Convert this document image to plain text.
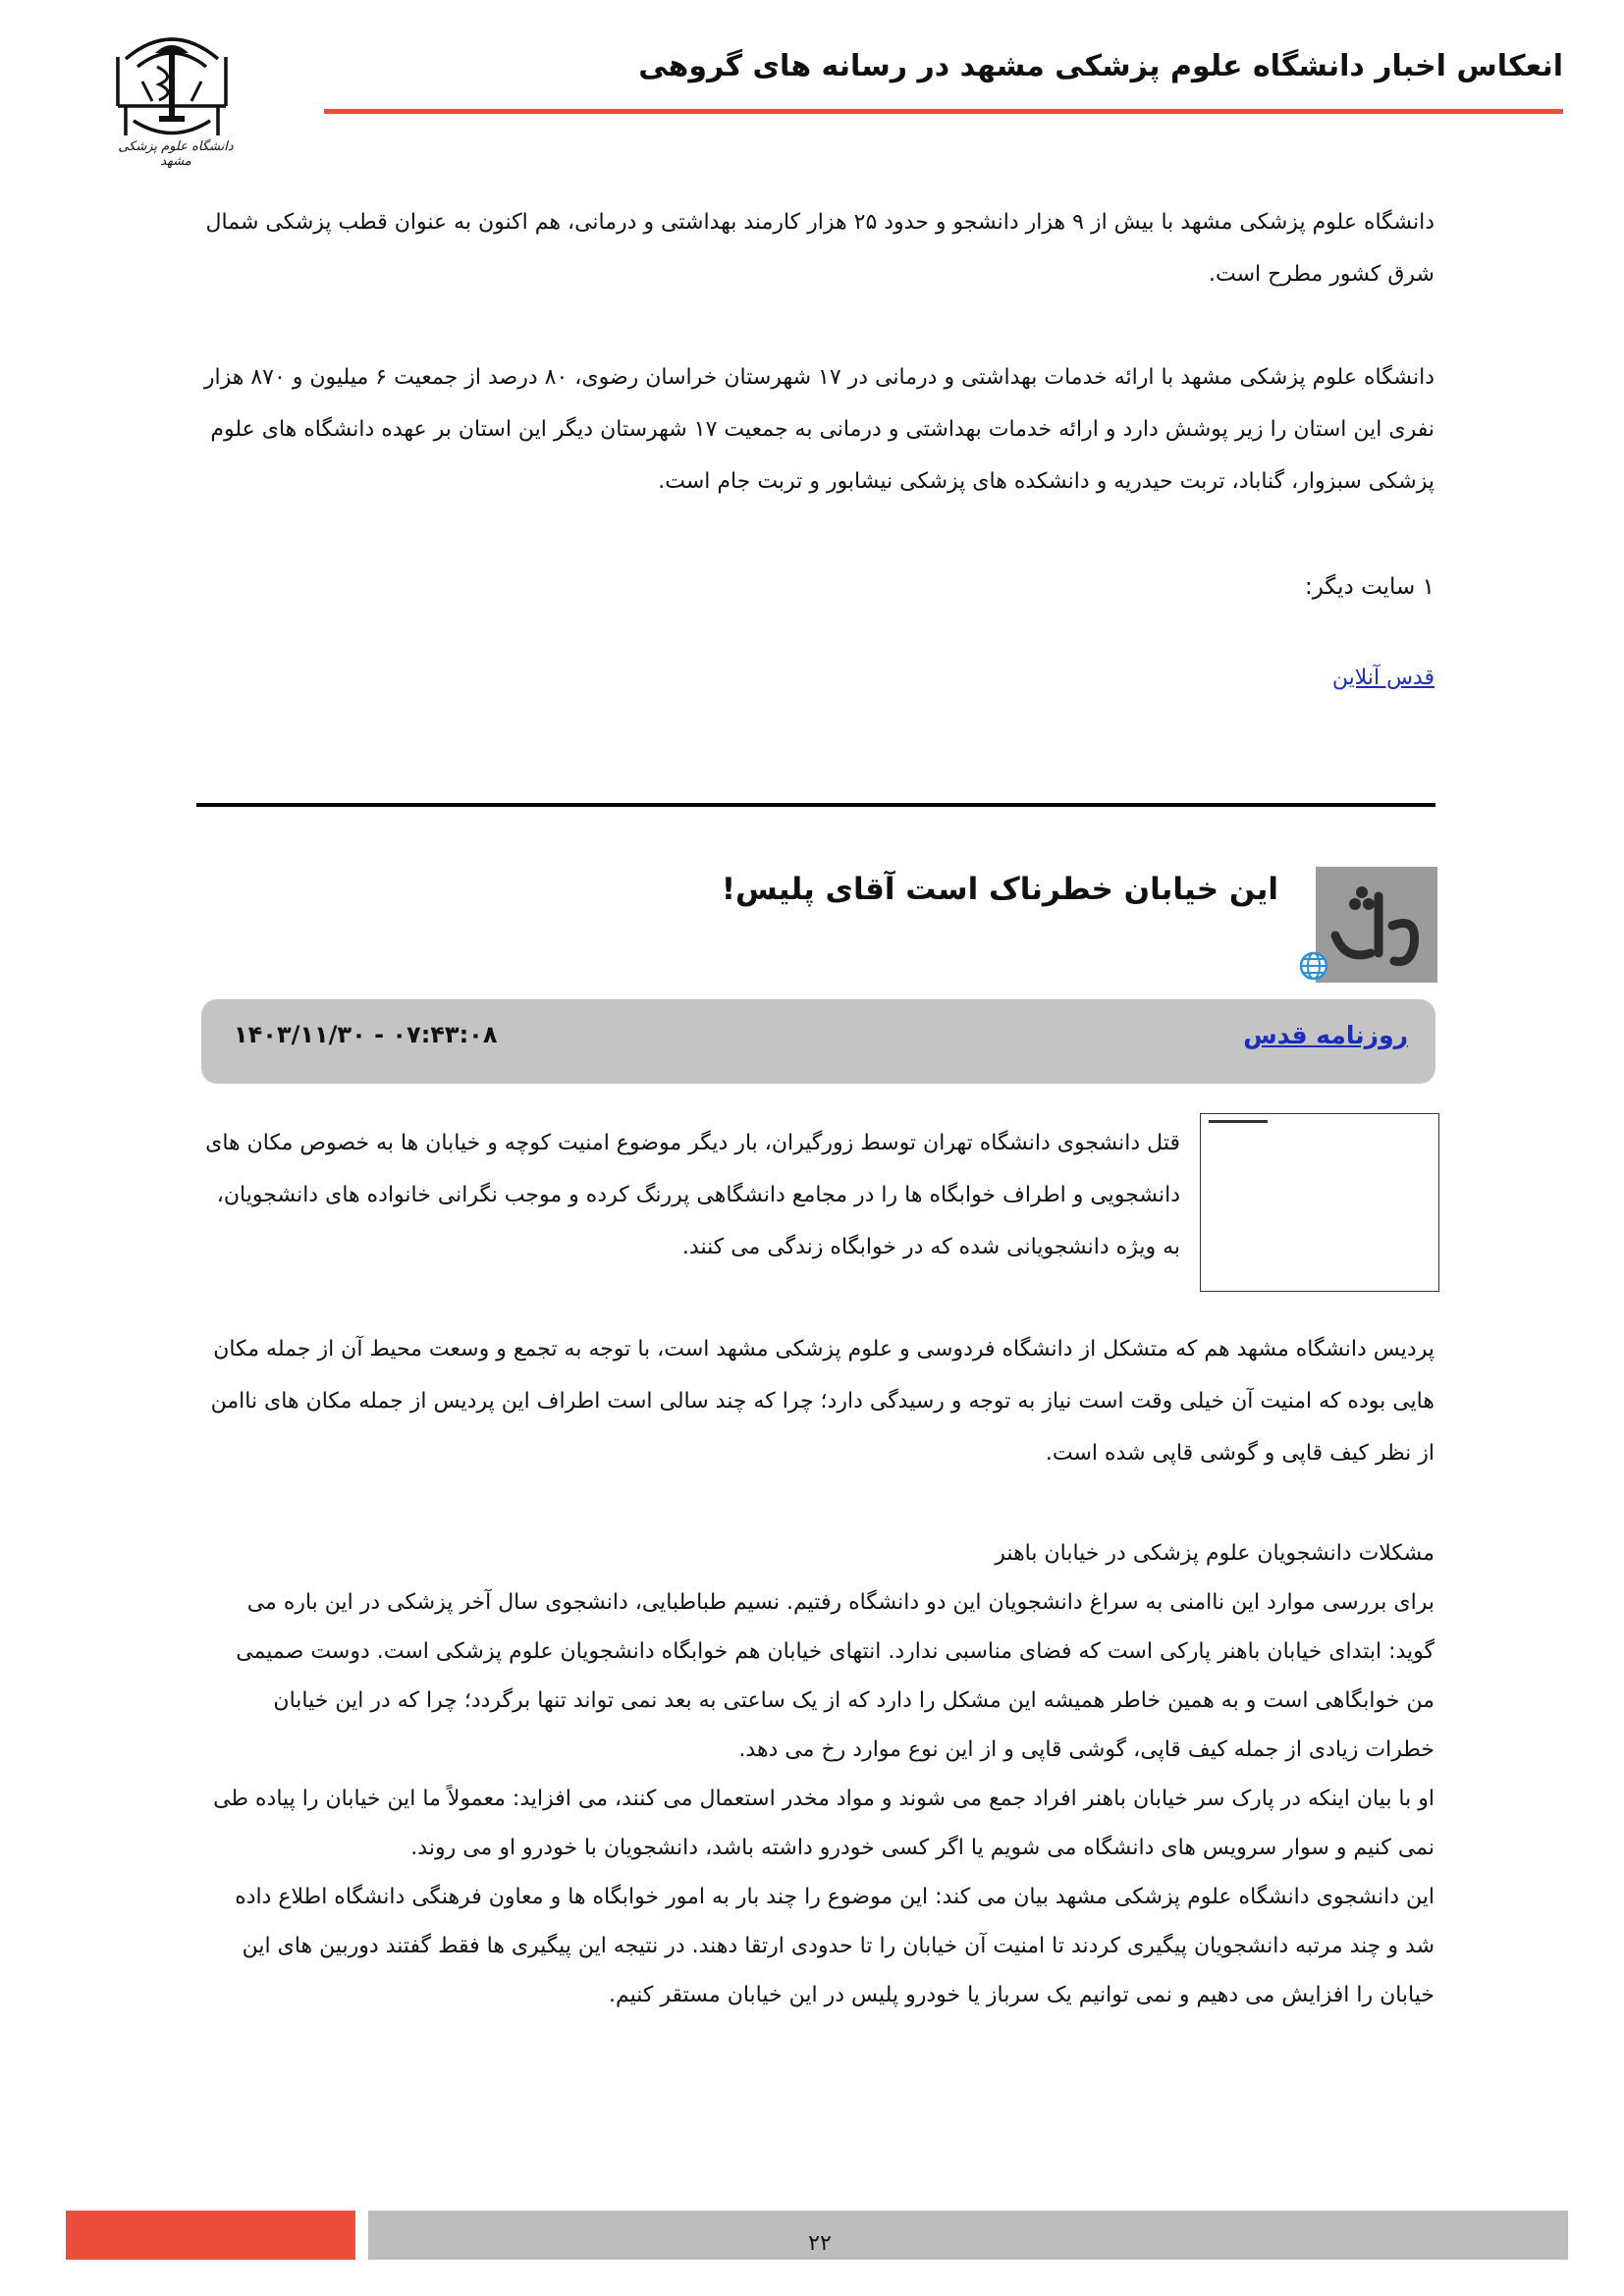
انعکاس اخبار دانشگاه علوم پزشکی مشهد در رسانه های گروهی
دانشگاه علوم پزشکی مشهد
دانشگاه علوم پزشکی مشهد با بیش از ۹ هزار دانشجو و حدود ۲۵ هزار کارمند بهداشتی و درمانی، هم اکنون به عنوان قطب پزشکی شمال شرق کشور مطرح است.
دانشگاه علوم پزشکی مشهد با ارائه خدمات بهداشتی و درمانی در ۱۷ شهرستان خراسان رضوی، ۸۰ درصد از جمعیت ۶ میلیون و ۸۷۰ هزار نفری این استان را زیر پوشش دارد و ارائه خدمات بهداشتی و درمانی به جمعیت ۱۷ شهرستان دیگر این استان بر عهده دانشگاه های علوم پزشکی سبزوار، گناباد، تربت حیدریه و دانشکده های پزشکی نیشابور و تربت جام است.
۱ سایت دیگر:
قدس آنلاین
این خیابان خطرناک است آقای پلیس!
روزنامه قدس
۱۴۰۳/۱۱/۳۰ - ۰۷:۴۳:۰۸
قتل دانشجوی دانشگاه تهران توسط زورگیران، بار دیگر موضوع امنیت کوچه و خیابان ها به خصوص مکان های دانشجویی و اطراف خوابگاه ها را در مجامع دانشگاهی پررنگ کرده و موجب نگرانی خانواده های دانشجویان، به ویژه دانشجویانی شده که در خوابگاه زندگی می کنند.
پردیس دانشگاه مشهد هم که متشکل از دانشگاه فردوسی و علوم پزشکی مشهد است، با توجه به تجمع و وسعت محیط آن از جمله مکان هایی بوده که امنیت آن خیلی وقت است نیاز به توجه و رسیدگی دارد؛ چرا که چند سالی است اطراف این پردیس از جمله مکان های ناامن از نظر کیف قاپی و گوشی قاپی شده است.
مشکلات دانشجویان علوم پزشکی در خیابان باهنر
برای بررسی موارد این ناامنی به سراغ دانشجویان این دو دانشگاه رفتیم. نسیم طباطبایی، دانشجوی سال آخر پزشکی در این باره می گوید: ابتدای خیابان باهنر پارکی است که فضای مناسبی ندارد. انتهای خیابان هم خوابگاه دانشجویان علوم پزشکی است. دوست صمیمی من خوابگاهی است و به همین خاطر همیشه این مشکل را دارد که از یک ساعتی به بعد نمی تواند تنها برگردد؛ چرا که در این خیابان خطرات زیادی از جمله کیف قاپی، گوشی قاپی و از این نوع موارد رخ می دهد.
او با بیان اینکه در پارک سر خیابان باهنر افراد جمع می شوند و مواد مخدر استعمال می کنند، می افزاید: معمولاً ما این خیابان را پیاده طی نمی کنیم و سوار سرویس های دانشگاه می شویم یا اگر کسی خودرو داشته باشد، دانشجویان با خودرو او می روند.
این دانشجوی دانشگاه علوم پزشکی مشهد بیان می کند: این موضوع را چند بار به امور خوابگاه ها و معاون فرهنگی دانشگاه اطلاع داده شد و چند مرتبه دانشجویان پیگیری کردند تا امنیت آن خیابان را تا حدودی ارتقا دهند. در نتیجه این پیگیری ها فقط گفتند دوربین های این خیابان را افزایش می دهیم و نمی توانیم یک سرباز یا خودرو پلیس در این خیابان مستقر کنیم.
۲۲
